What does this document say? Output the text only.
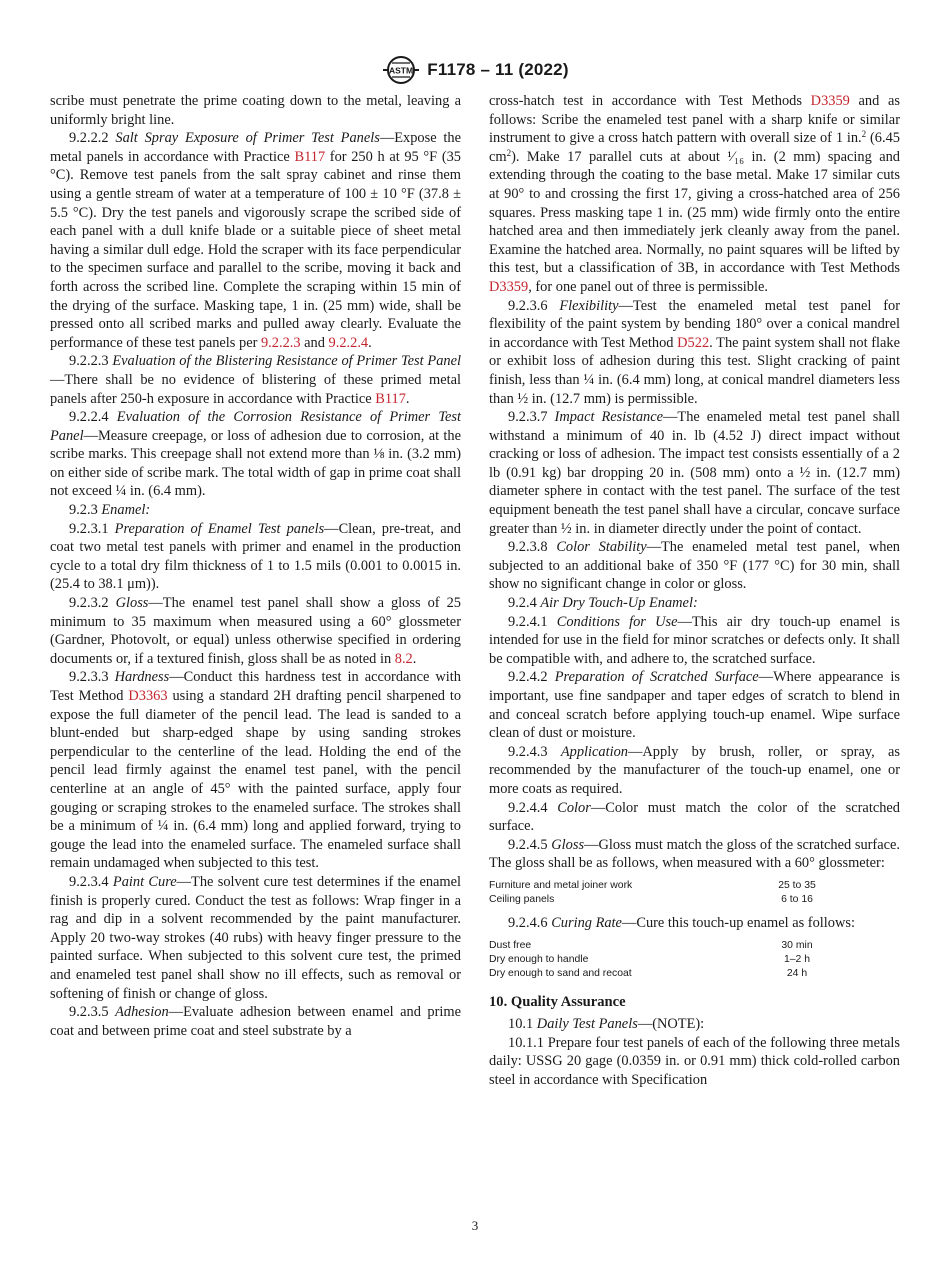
ASTM F1178 – 11 (2022)

scribe must penetrate the prime coating down to the metal, leaving a uniformly bright line.

9.2.2.2 Salt Spray Exposure of Primer Test Panels—Expose the metal panels in accordance with Practice B117 for 250 h at 95 °F (35 °C). Remove test panels from the salt spray cabinet and rinse them using a gentle stream of water at a temperature of 100 ± 10 °F (37.8 ± 5.5 °C). Dry the test panels and vigorously scrape the scribed side of each panel with a dull knife blade or a suitable piece of sheet metal having a similar dull edge. Hold the scraper with its face perpendicular to the specimen surface and parallel to the scribe, moving it back and forth across the scribed line. Complete the scraping within 15 min of the drying of the surface. Masking tape, 1 in. (25 mm) wide, shall be pressed onto all scribed marks and pulled away clearly. Evaluate the performance of these test panels per 9.2.2.3 and 9.2.2.4.

9.2.2.3 Evaluation of the Blistering Resistance of Primer Test Panel—There shall be no evidence of blistering of these primed metal panels after 250-h exposure in accordance with Practice B117.

9.2.2.4 Evaluation of the Corrosion Resistance of Primer Test Panel—Measure creepage, or loss of adhesion due to corrosion, at the scribe marks. This creepage shall not extend more than ⅛ in. (3.2 mm) on either side of scribe mark. The total width of gap in prime coat shall not exceed ¼ in. (6.4 mm).

9.2.3 Enamel:

9.2.3.1 Preparation of Enamel Test panels—Clean, pre-treat, and coat two metal test panels with primer and enamel in the production cycle to a total dry film thickness of 1 to 1.5 mils (0.001 to 0.0015 in. (25.4 to 38.1 μm)).

9.2.3.2 Gloss—The enamel test panel shall show a gloss of 25 minimum to 35 maximum when measured using a 60° glossmeter (Gardner, Photovolt, or equal) unless otherwise specified in ordering documents or, if a textured finish, gloss shall be as noted in 8.2.

9.2.3.3 Hardness—Conduct this hardness test in accordance with Test Method D3363 using a standard 2H drafting pencil sharpened to expose the full diameter of the pencil lead. The lead is sanded to a blunt-ended but sharp-edged shape by using sanding strokes perpendicular to the centerline of the lead. Holding the end of the pencil lead firmly against the enamel test panel, with the pencil centerline at an angle of 45° with the painted surface, apply four gouging or scraping strokes to the enameled surface. The strokes shall be a minimum of ¼ in. (6.4 mm) long and applied forward, trying to gouge the lead into the enameled surface. The enameled surface shall remain undamaged when subjected to this test.

9.2.3.4 Paint Cure—The solvent cure test determines if the enamel finish is properly cured. Conduct the test as follows: Wrap finger in a rag and dip in a solvent recommended by the paint manufacturer. Apply 20 two-way strokes (40 rubs) with heavy finger pressure to the painted surface. When subjected to this solvent cure test, the primed and enameled test panel shall show no ill effects, such as removal or softening of finish or change of gloss.

9.2.3.5 Adhesion—Evaluate adhesion between enamel and prime coat and between prime coat and steel substrate by a

cross-hatch test in accordance with Test Methods D3359 and as follows: Scribe the enameled test panel with a sharp knife or similar instrument to give a cross hatch pattern with overall size of 1 in.$^2$ (6.45 $cm^2$). Make 17 parallel cuts at about ¹⁄₁₆ in. (2 mm) spacing and extending through the coating to the base metal. Make 17 similar cuts at 90° to and crossing the first 17, giving a cross-hatched area of 256 squares. Press masking tape 1 in. (25 mm) wide firmly onto the entire hatched area and then immediately jerk cleanly away from the panel. Examine the hatched area. Normally, no paint squares will be lifted by this test, but a classification of 3B, in accordance with Test Methods D3359, for one panel out of three is permissible.

9.2.3.6 Flexibility—Test the enameled metal test panel for flexibility of the paint system by bending 180° over a conical mandrel in accordance with Test Method D522. The paint system shall not flake or exhibit loss of adhesion during this test. Slight cracking of paint finish, less than ¼ in. (6.4 mm) long, at conical mandrel diameters less than ½ in. (12.7 mm) is permissible.

9.2.3.7 Impact Resistance—The enameled metal test panel shall withstand a minimum of 40 in. lb (4.52 J) direct impact without cracking or loss of adhesion. The impact test consists essentially of a 2 lb (0.91 kg) bar dropping 20 in. (508 mm) onto a ½ in. (12.7 mm) diameter sphere in contact with the test panel. The surface of the test equipment beneath the test panel shall have a circular, concave surface greater than ½ in. in diameter directly under the point of contact.

9.2.3.8 Color Stability—The enameled metal test panel, when subjected to an additional bake of 350 °F (177 °C) for 30 min, shall show no significant change in color or gloss.

9.2.4 Air Dry Touch-Up Enamel:

9.2.4.1 Conditions for Use—This air dry touch-up enamel is intended for use in the field for minor scratches or defects only. It shall be compatible with, and adhere to, the scratched surface.

9.2.4.2 Preparation of Scratched Surface—Where appearance is important, use fine sandpaper and taper edges of scratch to blend in and conceal scratch before applying touch-up enamel. Wipe surface clean of dust or moisture.

9.2.4.3 Application—Apply by brush, roller, or spray, as recommended by the manufacturer of the touch-up enamel, one or more coats as required.

9.2.4.4 Color—Color must match the color of the scratched surface.

9.2.4.5 Gloss—Gloss must match the gloss of the scratched surface. The gloss shall be as follows, when measured with a 60° glossmeter:

Furniture and metal joiner work	25 to 35	
Ceiling panels	6 to 16	

9.2.4.6 Curing Rate—Cure this touch-up enamel as follows:

Dust free	30 min	
Dry enough to handle	1–2 h	
Dry enough to sand and recoat	24 h	
10. Quality Assurance

10.1 Daily Test Panels—(NOTE):

10.1.1 Prepare four test panels of each of the following three metals daily: USSG 20 gage (0.0359 in. or 0.91 mm) thick cold-rolled carbon steel in accordance with Specification

3
